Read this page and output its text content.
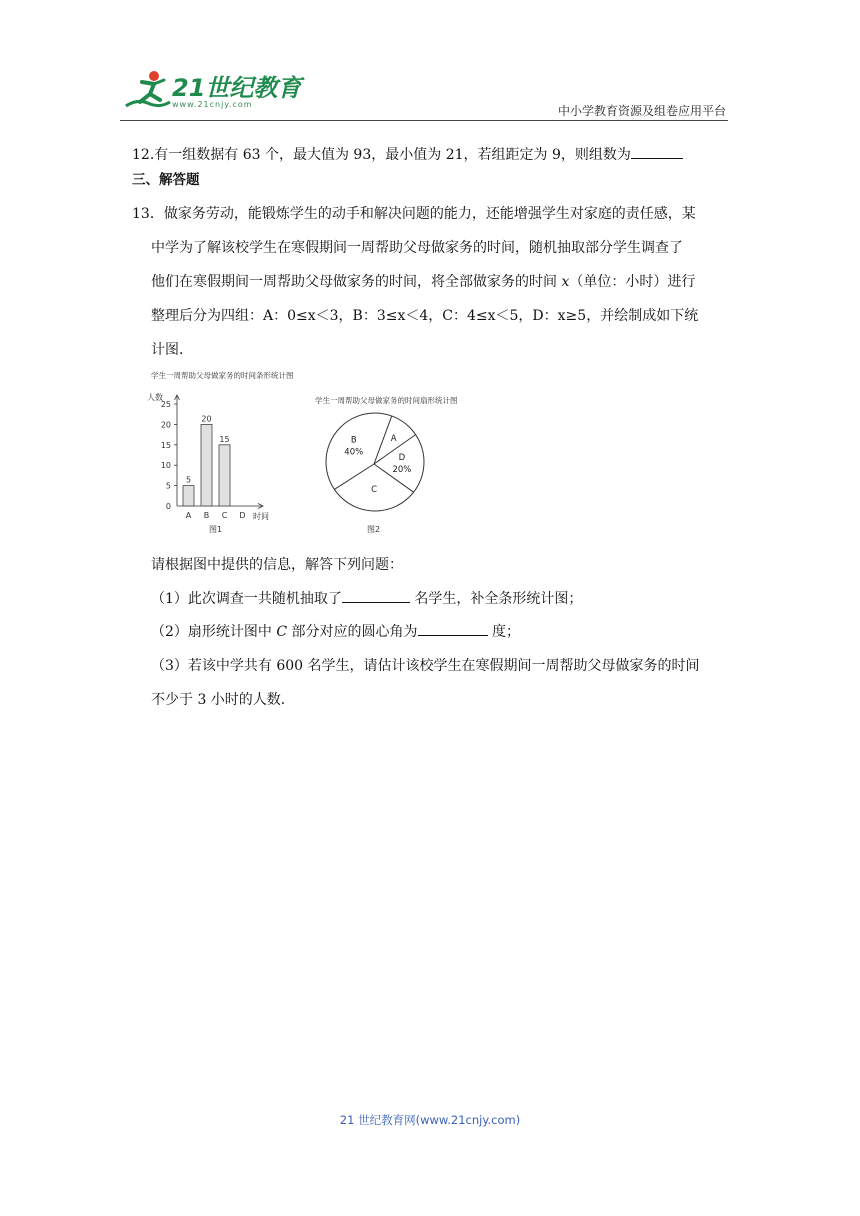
21世纪教育
www.21cnjy.com	中小学教育资源及组卷应用平台
12.有一组数据有 63 个，最大值为 93，最小值为 21，若组距定为 9，则组数为
三、解答题
13．做家务劳动，能锻炼学生的动手和解决问题的能力，还能增强学生对家庭的责任感，某
中学为了解该校学生在寒假期间一周帮助父母做家务的时间，随机抽取部分学生调查了
他们在寒假期间一周帮助父母做家务的时间，将全部做家务的时间 x（单位：小时）进行
整理后分为四组：A：0≤x＜3，B：3≤x＜4，C：4≤x＜5，D：x≥5，并绘制成如下统
计图．
学生一周帮助父母做家务的时间条形统计图
人数
0
5
10
15
20
25
A B C D 时间
5
20
15
图1
学生一周帮助父母做家务的时间扇形统计图
A
D
20%
C
B
40%
图2
请根据图中提供的信息，解答下列问题：
（1）此次调查一共随机抽取了	名学生，补全条形统计图；
（2）扇形统计图中 C 部分对应的圆心角为	度；
（3）若该中学共有 600 名学生，请估计该校学生在寒假期间一周帮助父母做家务的时间
不少于 3 小时的人数．
21 世纪教育网(www.21cnjy.com)
